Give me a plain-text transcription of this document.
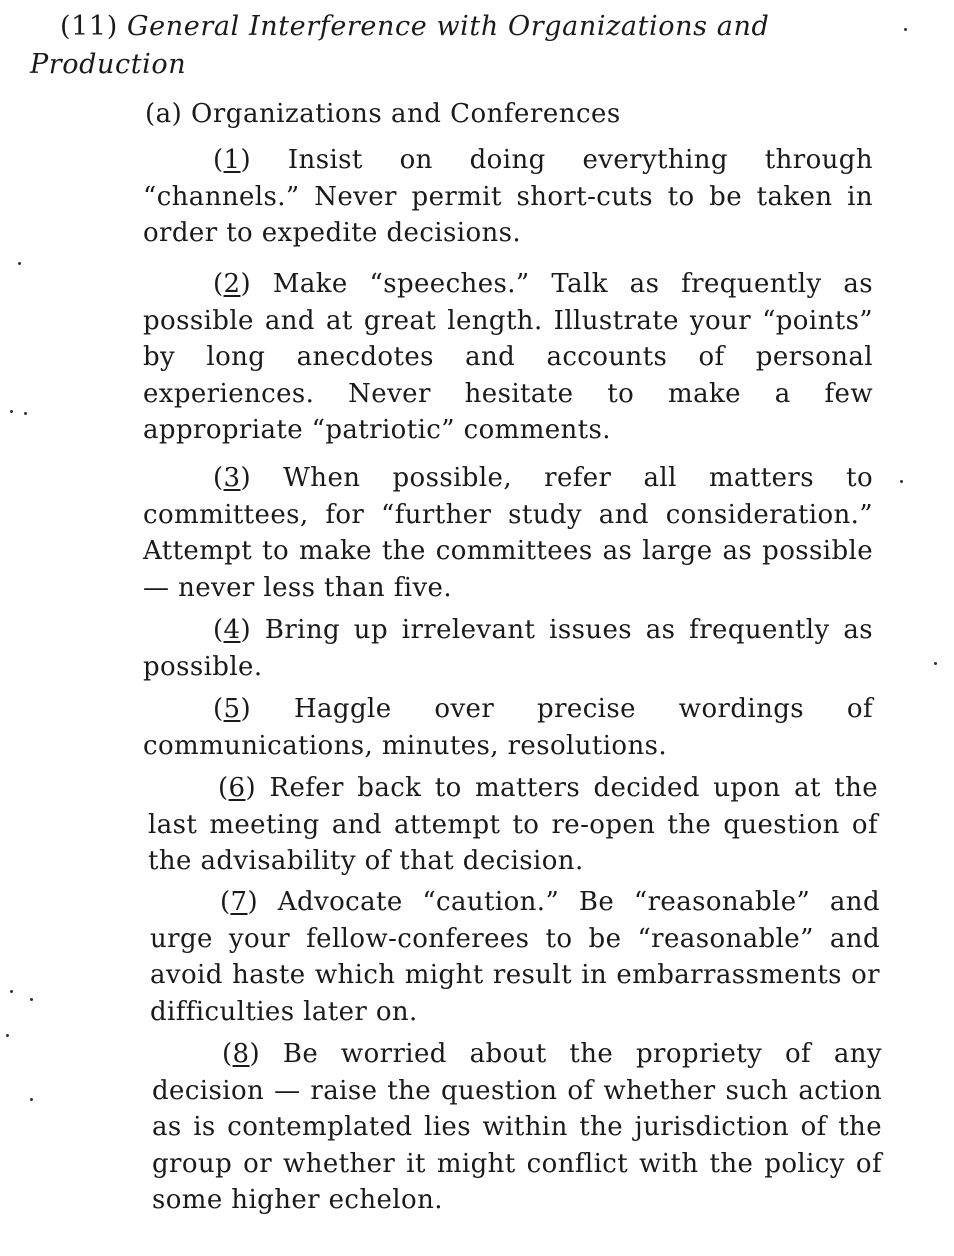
(11) General Interference with Organizations and Production
(a) Organizations and Conferences

(1) Insist on doing everything through “channels.” Never permit short-cuts to be taken in order to expedite decisions.

(2) Make “speeches.” Talk as frequently as possible and at great length. Illustrate your “points” by long anecdotes and accounts of personal experiences. Never hesitate to make a few appropriate “patriotic” comments.

(3) When possible, refer all matters to committees, for “further study and consideration.” Attempt to make the committees as large as possible — never less than five.

(4) Bring up irrelevant issues as frequently as possible.

(5) Haggle over precise wordings of communications, minutes, resolutions.

(6) Refer back to matters decided upon at the last meeting and attempt to re-open the question of the advisability of that decision.

(7) Advocate “caution.” Be “reasonable” and urge your fellow-conferees to be “reasonable” and avoid haste which might result in embarrassments or difficulties later on.

(8) Be worried about the propriety of any decision — raise the question of whether such action as is contemplated lies within the jurisdiction of the group or whether it might conflict with the policy of some higher echelon.
